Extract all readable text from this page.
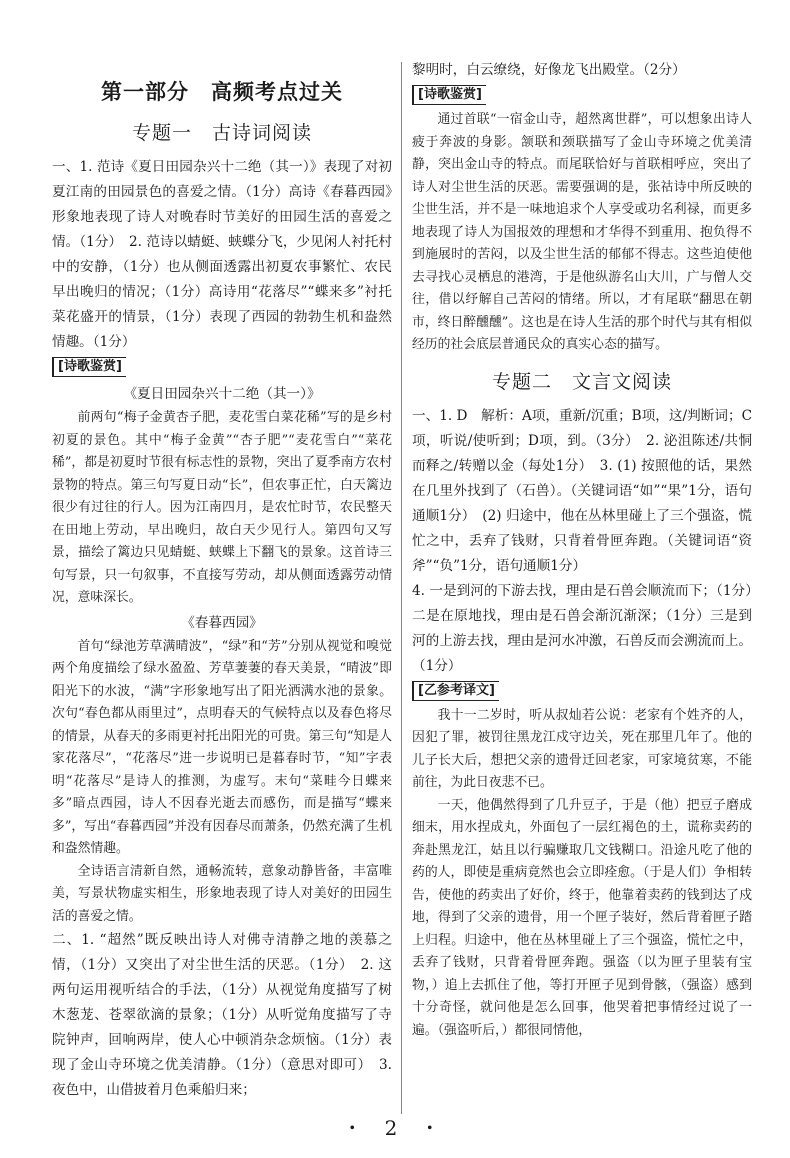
第一部分　高频考点过关
专题一　古诗词阅读

一、1. 范诗《夏日田园杂兴十二绝（其一）》表现了对初夏江南的田园景色的喜爱之情。（1分）高诗《春暮西园》形象地表现了诗人对晚春时节美好的田园生活的喜爱之情。（1分）　2. 范诗以蜻蜓、蛱蝶分飞，少见闲人衬托村中的安静，（1分）也从侧面透露出初夏农事繁忙、农民早出晚归的情况；（1分）高诗用“花落尽”“蝶来多”衬托菜花盛开的情景，（1分）表现了西园的勃勃生机和盎然情趣。（1分）

[诗歌鉴赏]
《夏日田园杂兴十二绝（其一）》

前两句“梅子金黄杏子肥，麦花雪白菜花稀”写的是乡村初夏的景色。其中“梅子金黄”“杏子肥”“麦花雪白”“菜花稀”，都是初夏时节很有标志性的景物，突出了夏季南方农村景物的特点。第三句写夏日动“长”，但农事正忙，白天篱边很少有过往的行人。因为江南四月，是农忙时节，农民整天在田地上劳动，早出晚归，故白天少见行人。第四句又写景，描绘了篱边只见蜻蜓、蛱蝶上下翻飞的景象。这首诗三句写景，只一句叙事，不直接写劳动，却从侧面透露劳动情况，意味深长。

《春暮西园》

首句“绿池芳草满晴波”，“绿”和“芳”分别从视觉和嗅觉两个角度描绘了绿水盈盈、芳草萋萋的春天美景，“晴波”即阳光下的水波，“满”字形象地写出了阳光洒满水池的景象。次句“春色都从雨里过”，点明春天的气候特点以及春色将尽的情景，从春天的多雨更衬托出阳光的可贵。第三句“知是人家花落尽”，“花落尽”进一步说明已是暮春时节，“知”字表明“花落尽”是诗人的推测，为虚写。末句“菜畦今日蝶来多”暗点西园，诗人不因春光逝去而感伤，而是描写“蝶来多”，写出“春暮西园”并没有因春尽而萧条，仍然充满了生机和盎然情趣。

全诗语言清新自然，通畅流转，意象动静皆备，丰富唯美，写景状物虚实相生，形象地表现了诗人对美好的田园生活的喜爱之情。

二、1. “超然”既反映出诗人对佛寺清静之地的羡慕之情，（1分）又突出了对尘世生活的厌恶。（1分）　2. 这两句运用视听结合的手法，（1分）从视觉角度描写了树木葱茏、苍翠欲滴的景象；（1分）从听觉角度描写了寺院钟声，回响两岸，使人心中顿消杂念烦恼。（1分）表现了金山寺环境之优美清静。（1分）（意思对即可）　3. 夜色中，山借披着月色乘船归来；

黎明时，白云缭绕，好像龙飞出殿堂。（2分）

[诗歌鉴赏]

通过首联“一宿金山寺，超然离世群”，可以想象出诗人疲于奔波的身影。颔联和颈联描写了金山寺环境之优美清静，突出金山寺的特点。而尾联恰好与首联相呼应，突出了诗人对尘世生活的厌恶。需要强调的是，张祜诗中所反映的尘世生活，并不是一味地追求个人享受或功名利禄，而更多地表现了诗人为国报效的理想和才华得不到重用、抱负得不到施展时的苦闷，以及尘世生活的郁郁不得志。这些迫使他去寻找心灵栖息的港湾，于是他纵游名山大川，广与僧人交往，借以纾解自己苦闷的情绪。所以，才有尾联“翻思在朝市，终日醉醺醺”。这也是在诗人生活的那个时代与其有相似经历的社会底层普通民众的真实心态的描写。

专题二　文言文阅读

一、1. D　解析：A项，重新/沉重；B项，这/判断词；C项，听说/使听到；D项，到。（3分）　2. 泌沮陈述/共恫而释之/转赠以金（每处1分）　3. (1) 按照他的话，果然在几里外找到了（石兽）。（关键词语“如”“果”1分，语句通顺1分）　(2) 归途中，他在丛林里碰上了三个强盗，慌忙之中，丢弃了钱财，只背着骨匣奔跑。（关键词语“资斧”“负”1分，语句通顺1分）

4. 一是到河的下游去找，理由是石兽会顺流而下；（1分）二是在原地找，理由是石兽会渐沉渐深；（1分）三是到河的上游去找，理由是河水冲激，石兽反而会溯流而上。（1分）

[乙参考译文]

我十一二岁时，听从叔灿若公说：老家有个姓齐的人，因犯了罪，被罚往黑龙江戍守边关，死在那里几年了。他的儿子长大后，想把父亲的遗骨迁回老家，可家境贫寒，不能前往，为此日夜悲不已。

一天，他偶然得到了几升豆子，于是（他）把豆子磨成细末，用水捏成丸，外面包了一层红褐色的土，谎称卖药的奔赴黑龙江，姑且以行骗赚取几文钱糊口。沿途凡吃了他的药的人，即使是重病竟然也会立即痊愈。（于是人们）争相转告，使他的药卖出了好价，终于，他靠着卖药的钱到达了戍地，得到了父亲的遗骨，用一个匣子装好，然后背着匣子踏上归程。归途中，他在丛林里碰上了三个强盗，慌忙之中，丢弃了钱财，只背着骨匣奔跑。强盗（以为匣子里装有宝物，）追上去抓住了他，等打开匣子见到骨骸，（强盗）感到十分奇怪，就问他是怎么回事，他哭着把事情经过说了一遍。（强盗听后，）都很同情他，

・ 2 ・
